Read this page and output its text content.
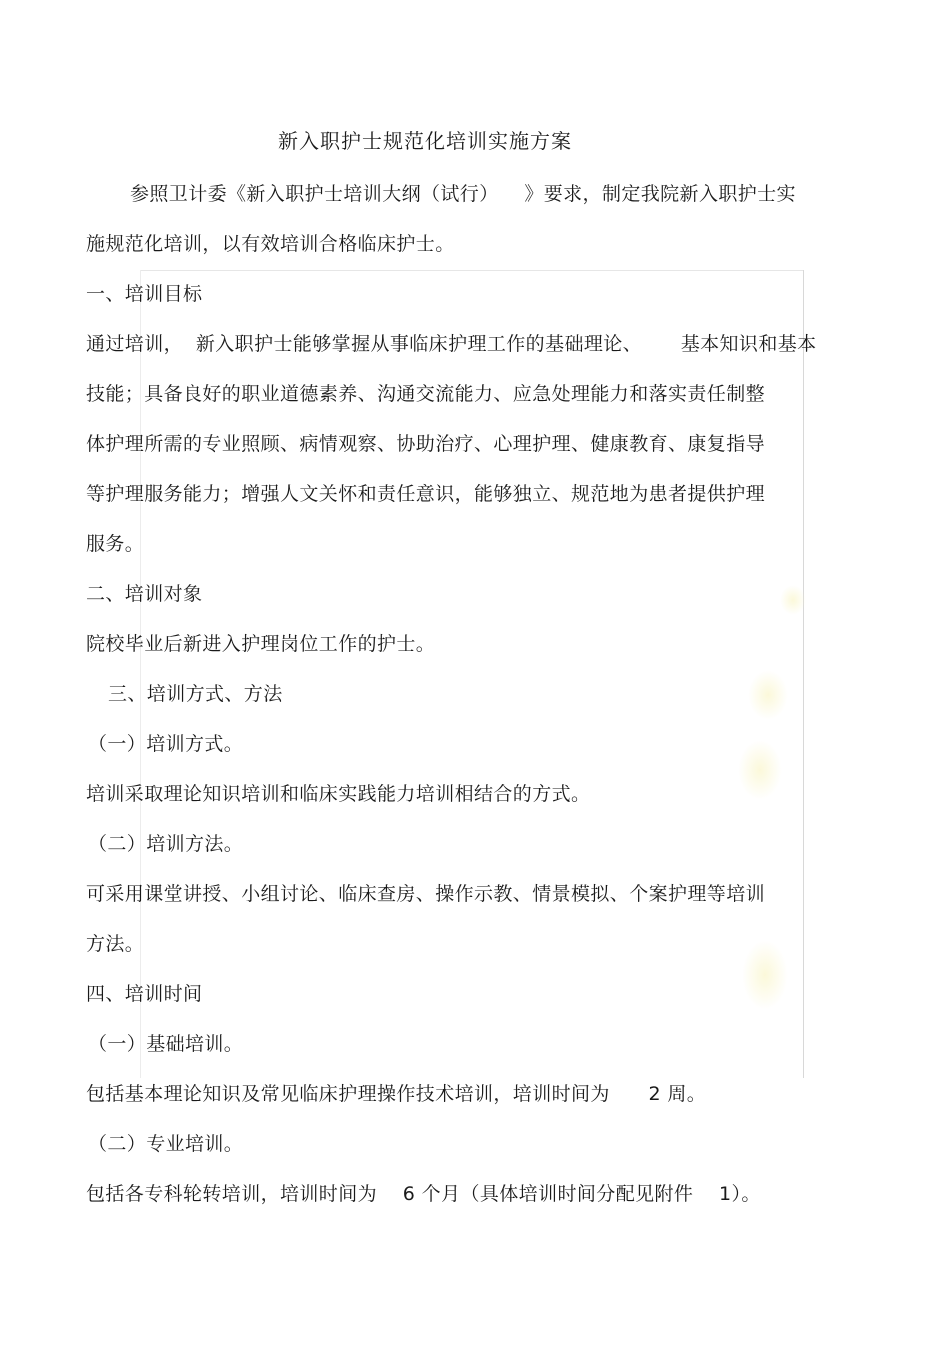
新入职护士规范化培训实施方案
参照卫计委《新入职护士培训大纲（试行）    》要求，制定我院新入职护士实
施规范化培训，以有效培训合格临床护士。
一、培训目标
通过培训，  新入职护士能够掌握从事临床护理工作的基础理论、      基本知识和基本
技能；具备良好的职业道德素养、沟通交流能力、应急处理能力和落实责任制整
体护理所需的专业照顾、病情观察、协助治疗、心理护理、健康教育、康复指导
等护理服务能力；增强人文关怀和责任意识，能够独立、规范地为患者提供护理
服务。
二、培训对象
院校毕业后新进入护理岗位工作的护士。
三、培训方式、方法
（一）培训方式。
培训采取理论知识培训和临床实践能力培训相结合的方式。
（二）培训方法。
可采用课堂讲授、小组讨论、临床查房、操作示教、情景模拟、个案护理等培训
方法。
四、培训时间
（一）基础培训。
包括基本理论知识及常见临床护理操作技术培训，培训时间为      2 周。
（二）专业培训。
包括各专科轮转培训，培训时间为    6 个月（具体培训时间分配见附件    1）。
